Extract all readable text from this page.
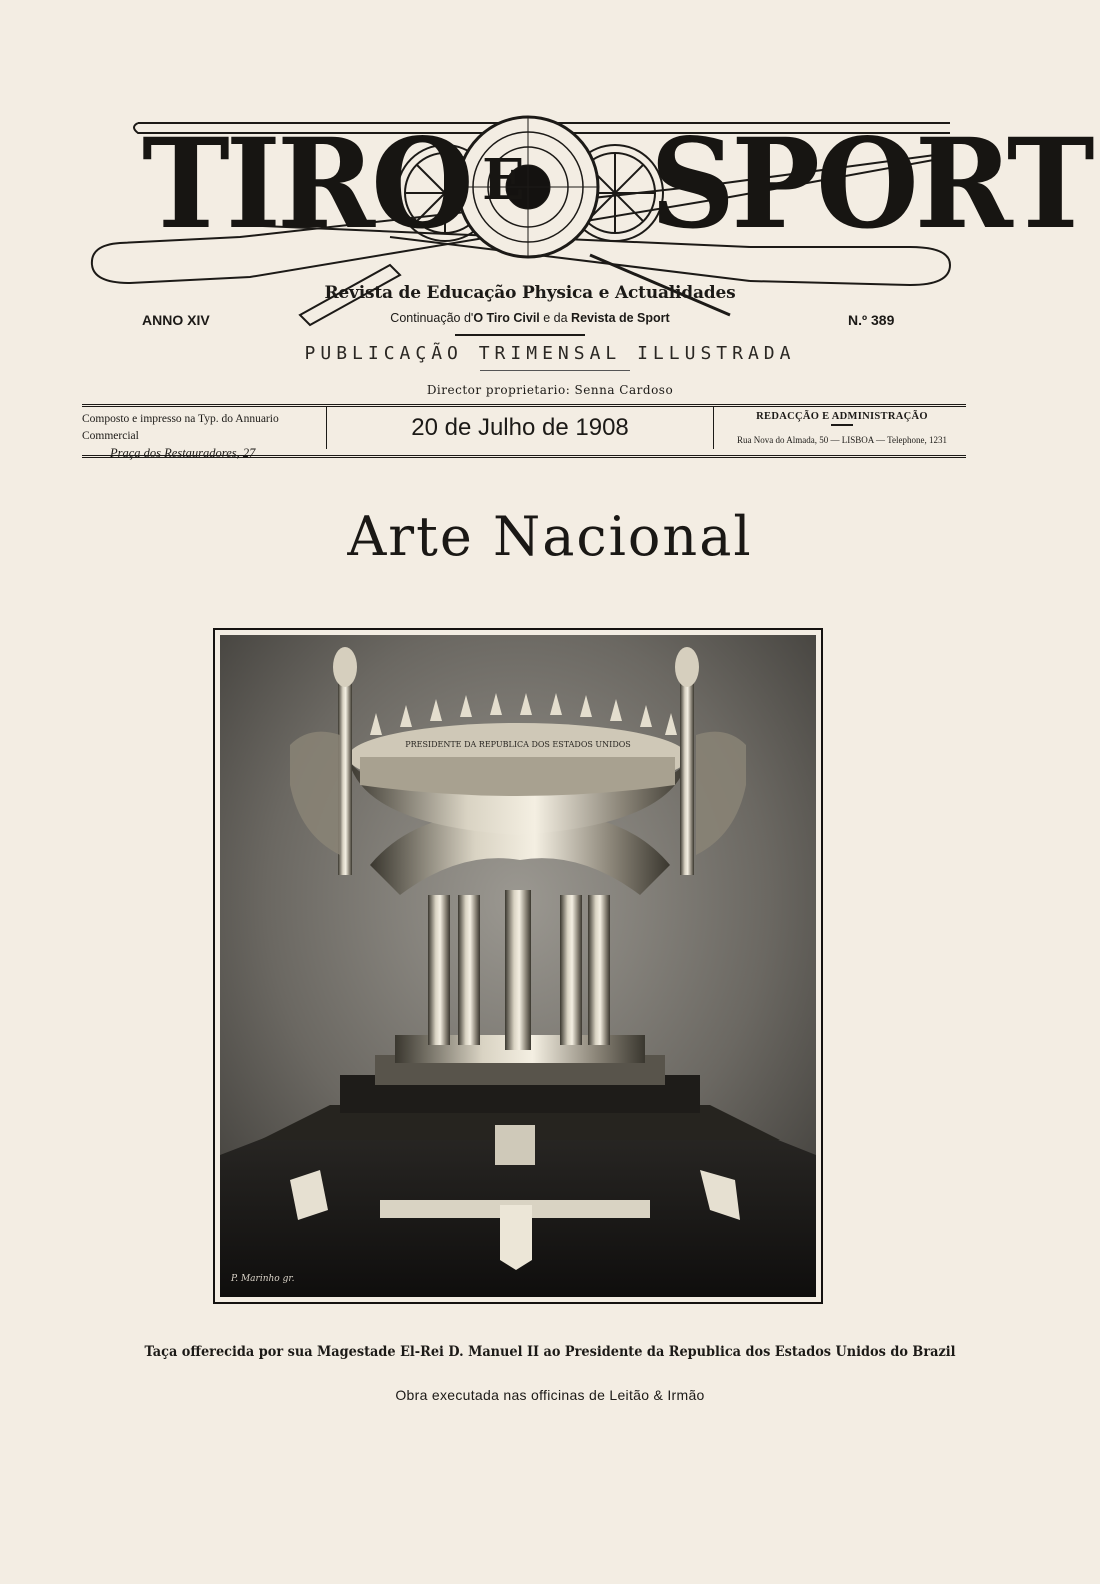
TIRO E SPORT
ANNO XIV
Revista de Educação Physica e Actualidades
Continuação d'O Tiro Civil e da Revista de Sport	N.º 389
PUBLICAÇÃO TRIMENSAL ILLUSTRADA
Director proprietario: Senna Cardoso
Composto e impresso na Typ. do Annuario Commercial
Praça dos Restauradores, 27
20 de Julho de 1908	REDACÇÃO E ADMINISTRAÇÃO
Rua Nova do Almada, 50 — LISBOA — Telephone, 1231
Arte Nacional
PRESIDENTE DA REPUBLICA DOS ESTADOS UNIDOS
P. Marinho gr.
Taça offerecida por sua Magestade El-Rei D. Manuel II ao Presidente da Republica dos Estados Unidos do Brazil
Obra executada nas officinas de Leitão & Irmão
